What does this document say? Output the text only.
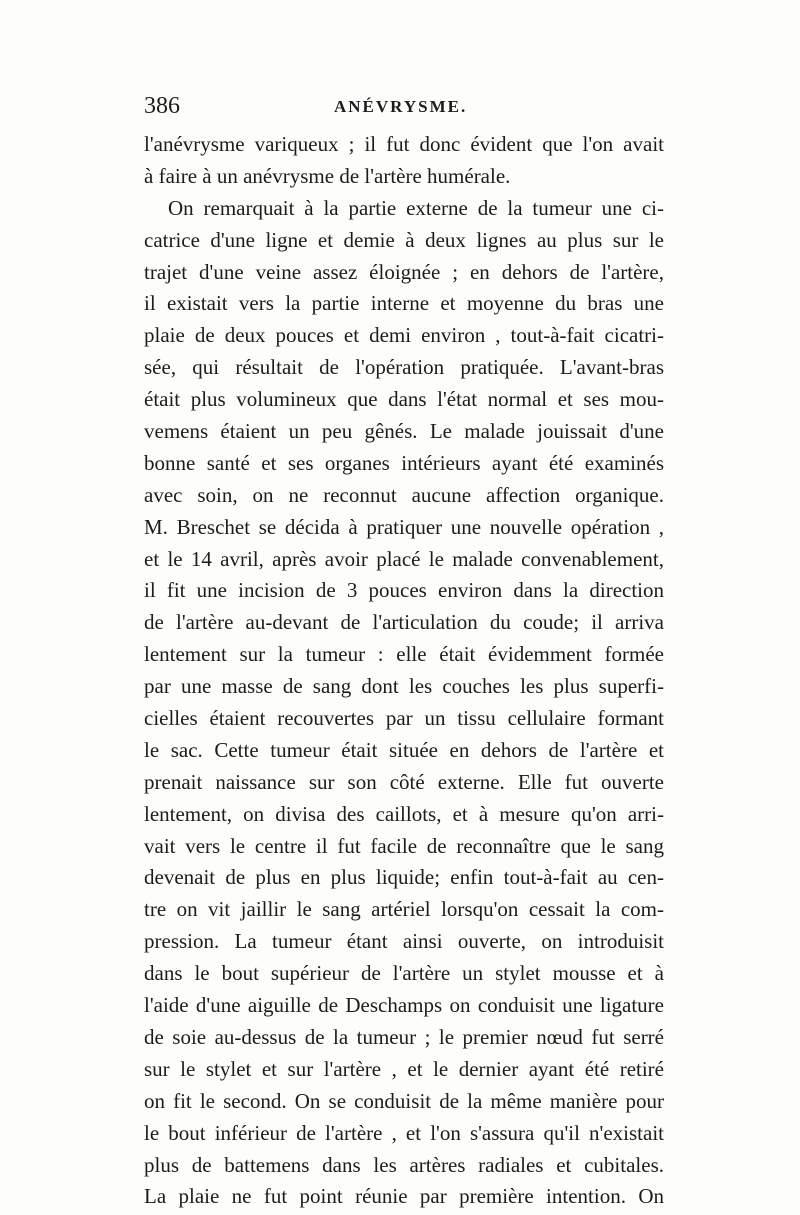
386	ANÉVRYSME.
l'anévrysme variqueux ; il fut donc évident que l'on avait
à faire à un anévrysme de l'artère humérale.
On remarquait à la partie externe de la tumeur une ci-
catrice d'une ligne et demie à deux lignes au plus sur le
trajet d'une veine assez éloignée ; en dehors de l'artère,
il existait vers la partie interne et moyenne du bras une
plaie de deux pouces et demi environ , tout-à-fait cicatri-
sée, qui résultait de l'opération pratiquée. L'avant-bras
était plus volumineux que dans l'état normal et ses mou-
vemens étaient un peu gênés. Le malade jouissait d'une
bonne santé et ses organes intérieurs ayant été examinés
avec soin, on ne reconnut aucune affection organique.
M. Breschet se décida à pratiquer une nouvelle opération ,
et le 14 avril, après avoir placé le malade convenablement,
il fit une incision de 3 pouces environ dans la direction
de l'artère au-devant de l'articulation du coude; il arriva
lentement sur la tumeur : elle était évidemment formée
par une masse de sang dont les couches les plus superfi-
cielles étaient recouvertes par un tissu cellulaire formant
le sac. Cette tumeur était située en dehors de l'artère et
prenait naissance sur son côté externe. Elle fut ouverte
lentement, on divisa des caillots, et à mesure qu'on arri-
vait vers le centre il fut facile de reconnaître que le sang
devenait de plus en plus liquide; enfin tout-à-fait au cen-
tre on vit jaillir le sang artériel lorsqu'on cessait la com-
pression. La tumeur étant ainsi ouverte, on introduisit
dans le bout supérieur de l'artère un stylet mousse et à
l'aide d'une aiguille de Deschamps on conduisit une ligature
de soie au-dessus de la tumeur ; le premier nœud fut serré
sur le stylet et sur l'artère , et le dernier ayant été retiré
on fit le second. On se conduisit de la même manière pour
le bout inférieur de l'artère , et l'on s'assura qu'il n'existait
plus de battemens dans les artères radiales et cubitales.
La plaie ne fut point réunie par première intention. On
